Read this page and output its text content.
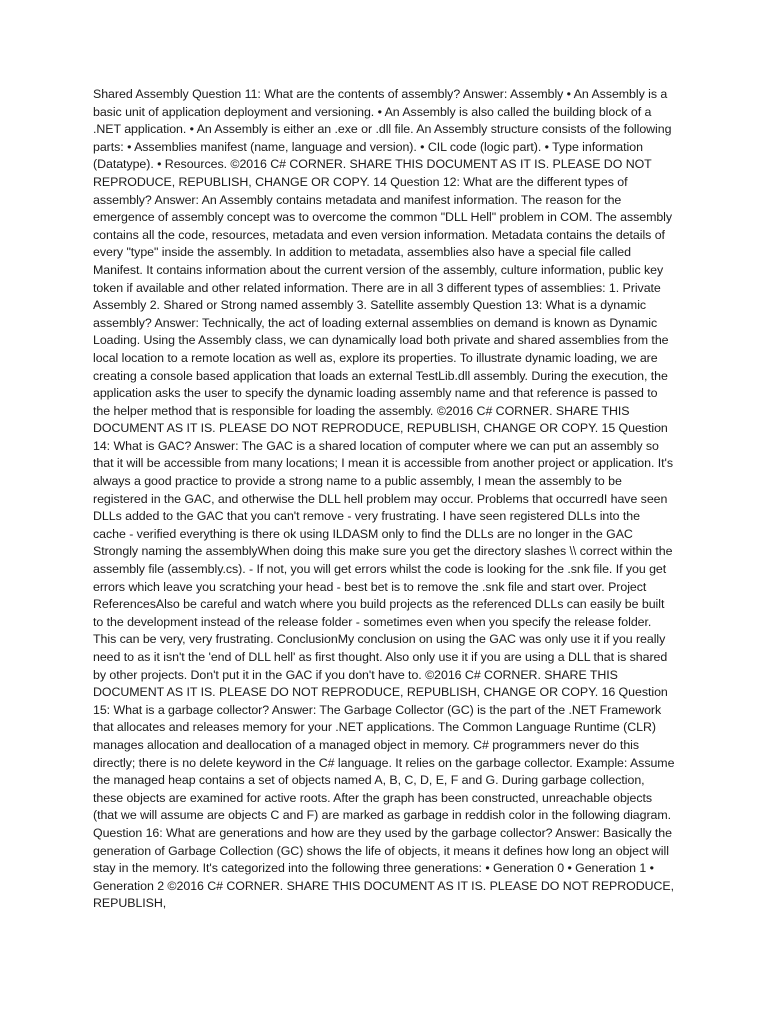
Shared Assembly Question 11: What are the contents of assembly? Answer: Assembly • An Assembly is a basic unit of application deployment and versioning. • An Assembly is also called the building block of a .NET application. • An Assembly is either an .exe or .dll file. An Assembly structure consists of the following parts: • Assemblies manifest (name, language and version). • CIL code (logic part). • Type information (Datatype). • Resources. ©2016 C# CORNER. SHARE THIS DOCUMENT AS IT IS. PLEASE DO NOT REPRODUCE, REPUBLISH, CHANGE OR COPY. 14 Question 12: What are the different types of assembly? Answer: An Assembly contains metadata and manifest information. The reason for the emergence of assembly concept was to overcome the common "DLL Hell" problem in COM. The assembly contains all the code, resources, metadata and even version information. Metadata contains the details of every "type" inside the assembly. In addition to metadata, assemblies also have a special file called Manifest. It contains information about the current version of the assembly, culture information, public key token if available and other related information. There are in all 3 different types of assemblies: 1. Private Assembly 2. Shared or Strong named assembly 3. Satellite assembly Question 13: What is a dynamic assembly? Answer: Technically, the act of loading external assemblies on demand is known as Dynamic Loading. Using the Assembly class, we can dynamically load both private and shared assemblies from the local location to a remote location as well as, explore its properties. To illustrate dynamic loading, we are creating a console based application that loads an external TestLib.dll assembly. During the execution, the application asks the user to specify the dynamic loading assembly name and that reference is passed to the helper method that is responsible for loading the assembly. ©2016 C# CORNER. SHARE THIS DOCUMENT AS IT IS. PLEASE DO NOT REPRODUCE, REPUBLISH, CHANGE OR COPY. 15 Question 14: What is GAC? Answer: The GAC is a shared location of computer where we can put an assembly so that it will be accessible from many locations; I mean it is accessible from another project or application. It's always a good practice to provide a strong name to a public assembly, I mean the assembly to be registered in the GAC, and otherwise the DLL hell problem may occur. Problems that occurredI have seen DLLs added to the GAC that you can't remove - very frustrating. I have seen registered DLLs into the cache - verified everything is there ok using ILDASM only to find the DLLs are no longer in the GAC Strongly naming the assemblyWhen doing this make sure you get the directory slashes \\ correct within the assembly file (assembly.cs). - If not, you will get errors whilst the code is looking for the .snk file. If you get errors which leave you scratching your head - best bet is to remove the .snk file and start over. Project ReferencesAlso be careful and watch where you build projects as the referenced DLLs can easily be built to the development instead of the release folder - sometimes even when you specify the release folder. This can be very, very frustrating. ConclusionMy conclusion on using the GAC was only use it if you really need to as it isn't the 'end of DLL hell' as first thought. Also only use it if you are using a DLL that is shared by other projects. Don't put it in the GAC if you don't have to. ©2016 C# CORNER. SHARE THIS DOCUMENT AS IT IS. PLEASE DO NOT REPRODUCE, REPUBLISH, CHANGE OR COPY. 16 Question 15: What is a garbage collector? Answer: The Garbage Collector (GC) is the part of the .NET Framework that allocates and releases memory for your .NET applications. The Common Language Runtime (CLR) manages allocation and deallocation of a managed object in memory. C# programmers never do this directly; there is no delete keyword in the C# language. It relies on the garbage collector. Example: Assume the managed heap contains a set of objects named A, B, C, D, E, F and G. During garbage collection, these objects are examined for active roots. After the graph has been constructed, unreachable objects (that we will assume are objects C and F) are marked as garbage in reddish color in the following diagram. Question 16: What are generations and how are they used by the garbage collector? Answer: Basically the generation of Garbage Collection (GC) shows the life of objects, it means it defines how long an object will stay in the memory. It's categorized into the following three generations: • Generation 0 • Generation 1 • Generation 2 ©2016 C# CORNER. SHARE THIS DOCUMENT AS IT IS. PLEASE DO NOT REPRODUCE, REPUBLISH,
